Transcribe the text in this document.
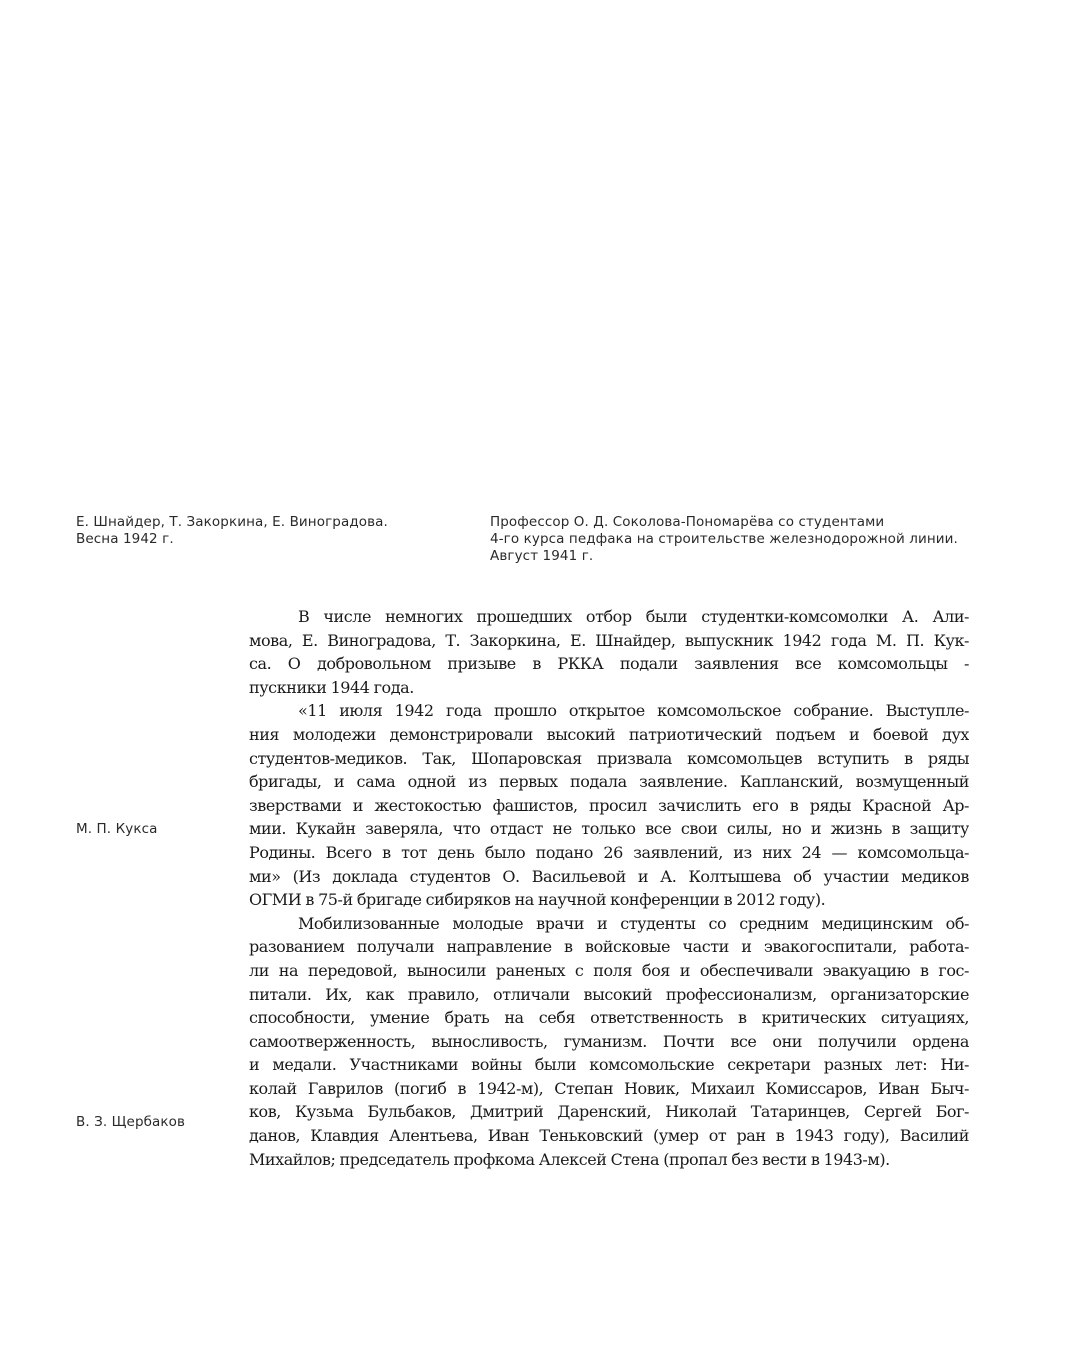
Е. Шнайдер, Т. Закоркина, Е. Виноградова.
Весна 1942 г.
Профессор О. Д. Соколова-Пономарёва со студентами
4-го курса педфака на строительстве железнодорожной линии.
Август 1941 г.
М. П. Кукса
В. З. Щербаков
В числе немногих прошедших отбор были студентки-комсомолки А. Али-
мова, Е. Виноградова, Т. Закоркина, Е. Шнайдер, выпускник 1942 года М. П. Кук-
са. О добровольном призыве в РККА подали заявления все комсомольцы -
пускники 1944 года.
«11 июля 1942 года прошло открытое комсомольское собрание. Выступле-
ния молодежи демонстрировали высокий патриотический подъем и боевой дух
студентов-медиков. Так, Шопаровская призвала комсомольцев вступить в ряды
бригады, и сама одной из первых подала заявление. Капланский, возмущенный
зверствами и жестокостью фашистов, просил зачислить его в ряды Красной Ар-
мии. Кукайн заверяла, что отдаст не только все свои силы, но и жизнь в защиту
Родины. Всего в тот день было подано 26 заявлений, из них 24 — комсомольца-
ми» (Из доклада студентов О. Васильевой и А. Колтышева об участии медиков
ОГМИ в 75-й бригаде сибиряков на научной конференции в 2012 году).
Мобилизованные молодые врачи и студенты со средним медицинским об-
разованием получали направление в войсковые части и эвакогоспитали, работа-
ли на передовой, выносили раненых с поля боя и обеспечивали эвакуацию в гос-
питали. Их, как правило, отличали высокий профессионализм, организаторские
способности, умение брать на себя ответственность в критических ситуациях,
самоотверженность, выносливость, гуманизм. Почти все они получили ордена
и медали. Участниками войны были комсомольские секретари разных лет: Ни-
колай Гаврилов (погиб в 1942-м), Степан Новик, Михаил Комиссаров, Иван Быч-
ков, Кузьма Бульбаков, Дмитрий Даренский, Николай Татаринцев, Сергей Бог-
данов, Клавдия Алентьева, Иван Теньковский (умер от ран в 1943 году), Василий
Михайлов; председатель профкома Алексей Стена (пропал без вести в 1943-м).
